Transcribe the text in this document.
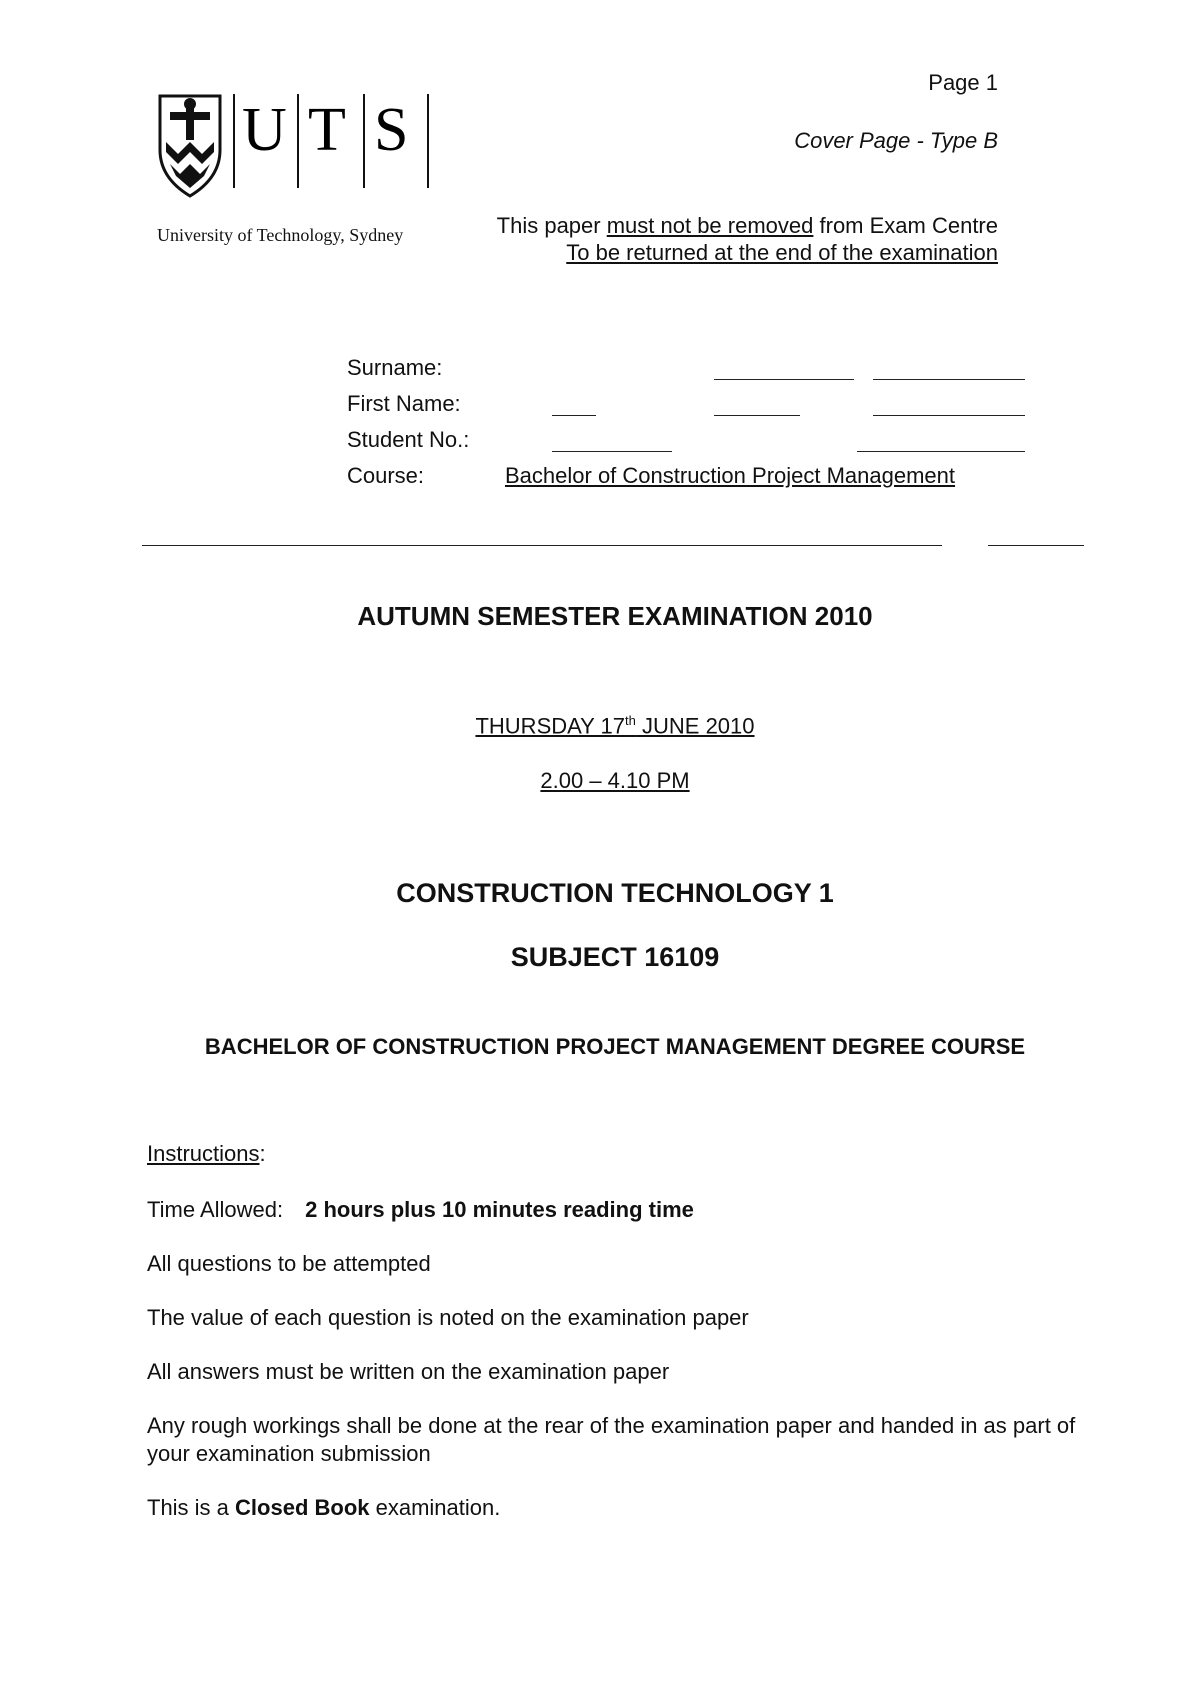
Page 1
Cover Page - Type B
U T S
University of Technology, Sydney	This paper must not be removed from Exam Centre
To be returned at the end of the examination
Surname:
First Name:
Student No.:
Course:	Bachelor of Construction Project Management
AUTUMN SEMESTER EXAMINATION 2010
THURSDAY 17th JUNE 2010
2.00 – 4.10 PM
CONSTRUCTION TECHNOLOGY 1
SUBJECT 16109
BACHELOR OF CONSTRUCTION PROJECT MANAGEMENT DEGREE COURSE
Instructions:
Time Allowed: 2 hours plus 10 minutes reading time
All questions to be attempted
The value of each question is noted on the examination paper
All answers must be written on the examination paper
Any rough workings shall be done at the rear of the examination paper and handed in as part of your examination submission
This is a Closed Book examination.
